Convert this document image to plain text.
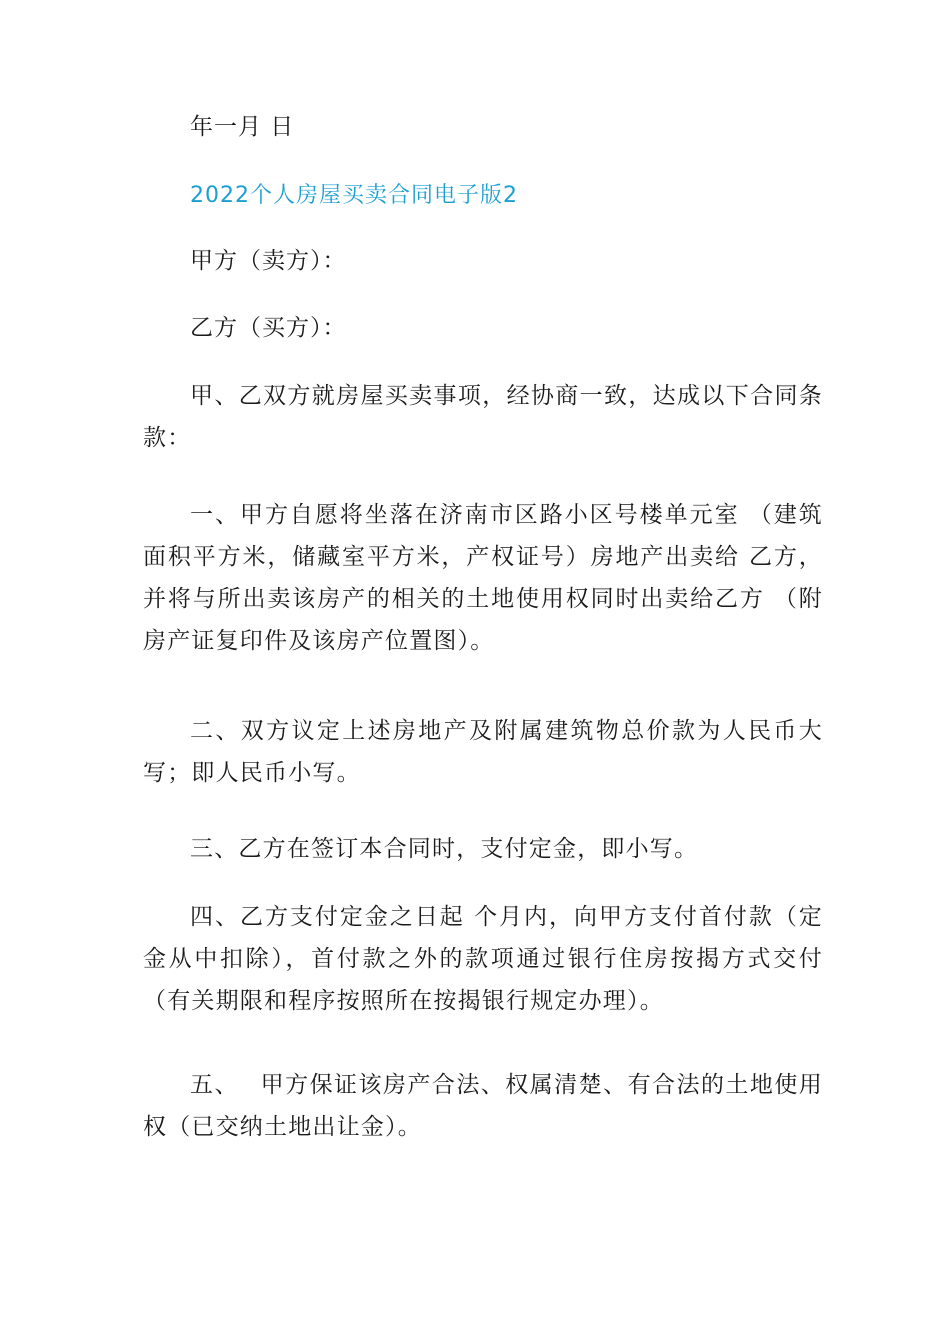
年一月 日
2022个人房屋买卖合同电子版2
甲方（卖方）：
乙方（买方）：
甲、乙双方就房屋买卖事项，经协商一致，达成以下合同条款：
一、甲方自愿将坐落在济南市区路小区号楼单元室 （建筑面积平方米，储藏室平方米，产权证号）房地产出卖给 乙方，并将与所出卖该房产的相关的土地使用权同时出卖给乙方 （附房产证复印件及该房产位置图）。
二、双方议定上述房地产及附属建筑物总价款为人民币大写；即人民币小写。
三、乙方在签订本合同时，支付定金，即小写。
四、乙方支付定金之日起 个月内，向甲方支付首付款（定金从中扣除），首付款之外的款项通过银行住房按揭方式交付（有关期限和程序按照所在按揭银行规定办理）。
五、　 甲方保证该房产合法、权属清楚、有合法的土地使用权（已交纳土地出让金）。
